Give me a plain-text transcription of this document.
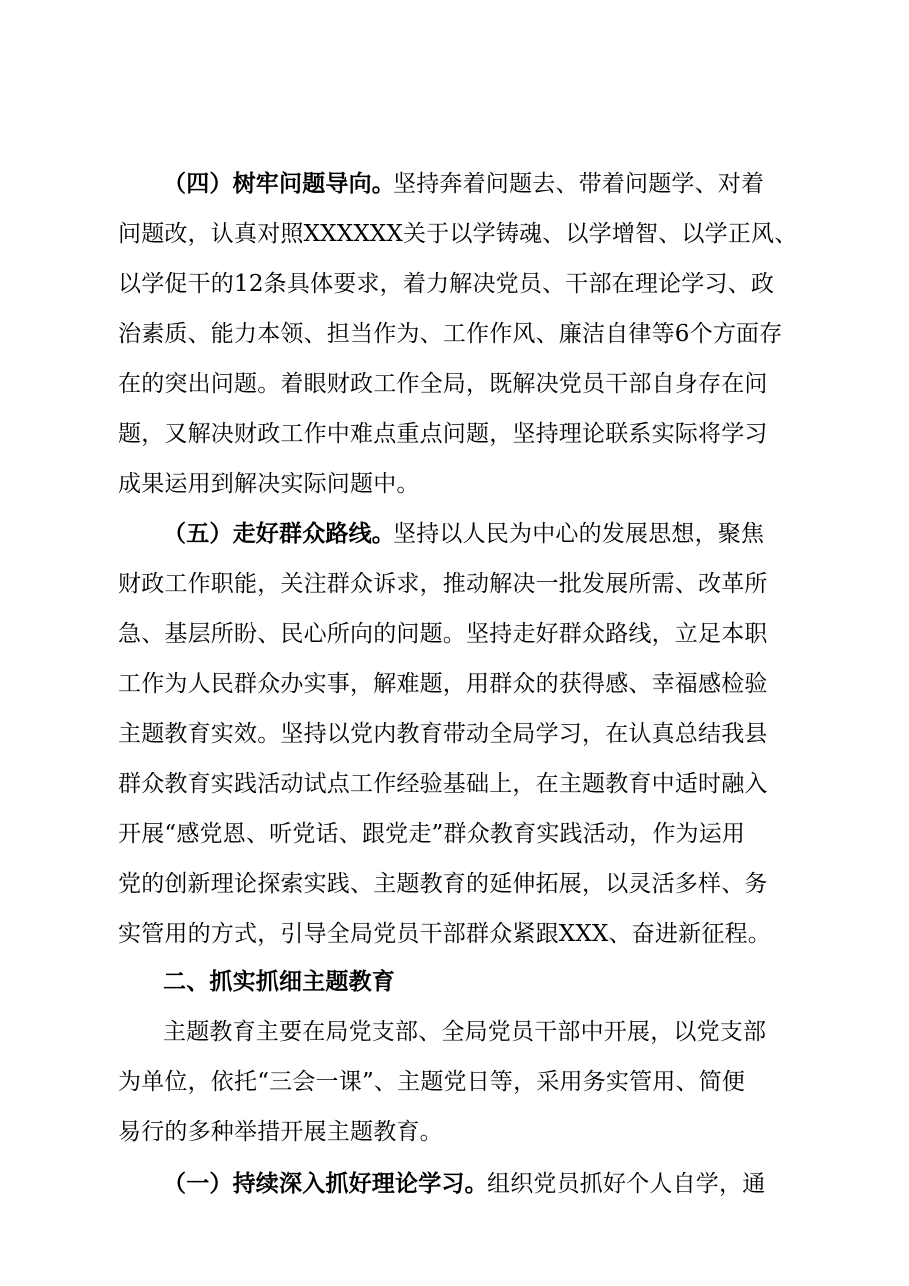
（四）树牢问题导向。
坚持奔着问题去、带着问题学、对着
问题改，认真对照XXXXXX关于以学铸魂、以学增智、以学正风、
以学促干的12条具体要求，着力解决党员、干部在理论学习、政
治素质、能力本领、担当作为、工作作风、廉洁自律等6个方面存
在的突出问题。着眼财政工作全局，既解决党员干部自身存在问
题，又解决财政工作中难点重点问题，坚持理论联系实际将学习
成果运用到解决实际问题中。
（五）走好群众路线。
坚持以人民为中心的发展思想，聚焦
财政工作职能，关注群众诉求，推动解决一批发展所需、改革所
急、基层所盼、民心所向的问题。坚持走好群众路线，立足本职
工作为人民群众办实事，解难题，用群众的获得感、幸福感检验
主题教育实效。坚持以党内教育带动全局学习，在认真总结我县
群众教育实践活动试点工作经验基础上，在主题教育中适时融入
开展“感党恩、听党话、跟党走”群众教育实践活动，作为运用
党的创新理论探索实践、主题教育的延伸拓展，以灵活多样、务
实管用的方式，引导全局党员干部群众紧跟XXX、奋进新征程。
二、抓实抓细主题教育
主题教育主要在局党支部、全局党员干部中开展，以党支部
为单位，依托“三会一课”、主题党日等，采用务实管用、简便
易行的多种举措开展主题教育。
（一）持续深入抓好理论学习。 组织党员抓好个人自学，通
